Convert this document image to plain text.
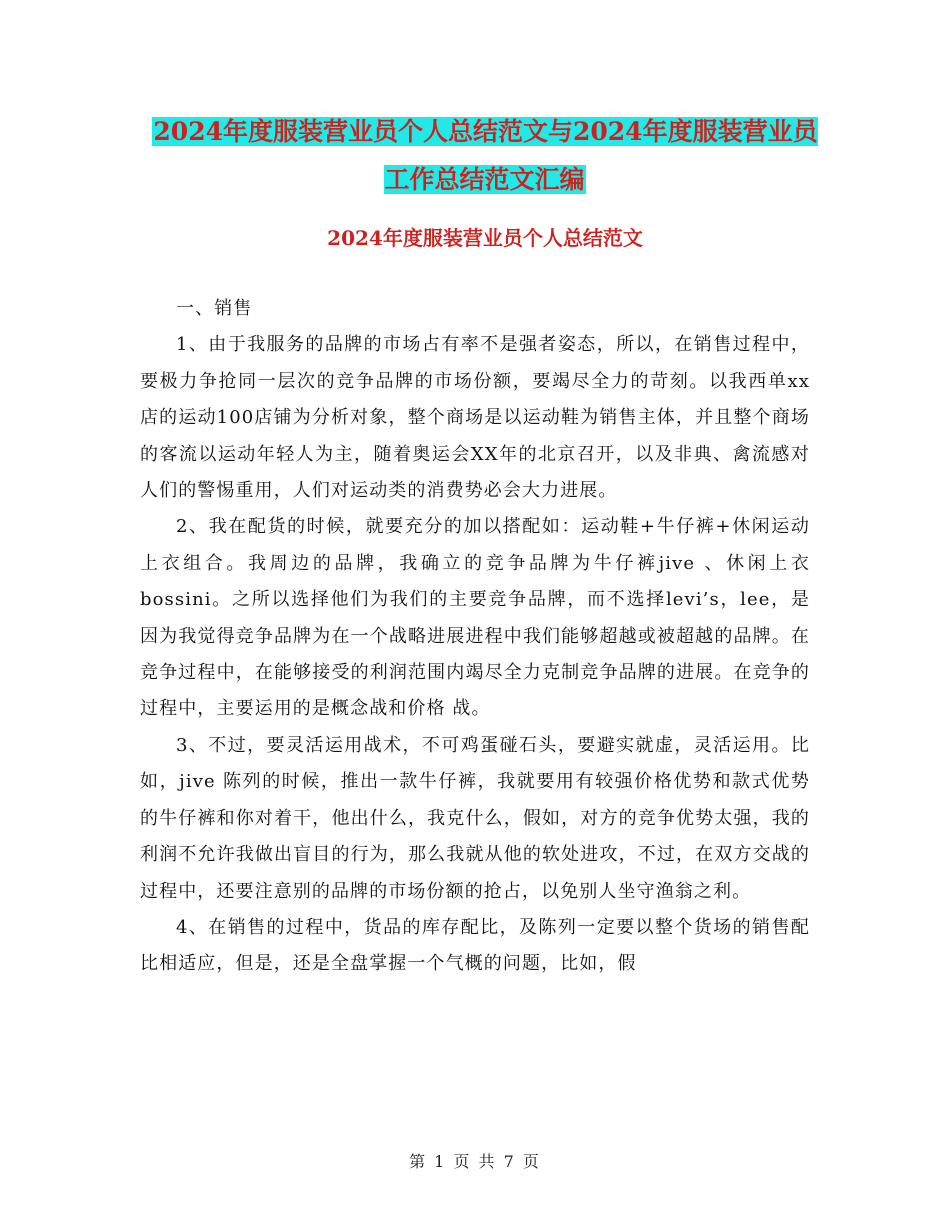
2024年度服装营业员个人总结范文与2024年度服装营业员工作总结范文汇编
2024年度服装营业员个人总结范文

一、销售

1、由于我服务的品牌的市场占有率不是强者姿态，所以，在销售过程中，要极力争抢同一层次的竞争品牌的市场份额，要竭尽全力的苛刻。以我西单xx店的运动100店铺为分析对象，整个商场是以运动鞋为销售主体，并且整个商场的客流以运动年轻人为主，随着奥运会XX年的北京召开，以及非典、禽流感对人们的警惕重用，人们对运动类的消费势必会大力进展。

2、我在配货的时候，就要充分的加以搭配如：运动鞋+牛仔裤+休闲运动上衣组合。我周边的品牌，我确立的竞争品牌为牛仔裤jive 、休闲上衣bossini。之所以选择他们为我们的主要竞争品牌，而不选择levi’s，lee，是因为我觉得竞争品牌为在一个战略进展进程中我们能够超越或被超越的品牌。在竞争过程中，在能够接受的利润范围内竭尽全力克制竞争品牌的进展。在竞争的过程中，主要运用的是概念战和价格 战。

3、不过，要灵活运用战术，不可鸡蛋碰石头，要避实就虚，灵活运用。比如，jive 陈列的时候，推出一款牛仔裤，我就要用有较强价格优势和款式优势的牛仔裤和你对着干，他出什么，我克什么，假如，对方的竞争优势太强，我的利润不允许我做出盲目的行为，那么我就从他的软处进攻，不过，在双方交战的过程中，还要注意别的品牌的市场份额的抢占，以免别人坐守渔翁之利。

4、在销售的过程中，货品的库存配比，及陈列一定要以整个货场的销售配比相适应，但是，还是全盘掌握一个气概的问题，比如，假

第 1 页 共 7 页
